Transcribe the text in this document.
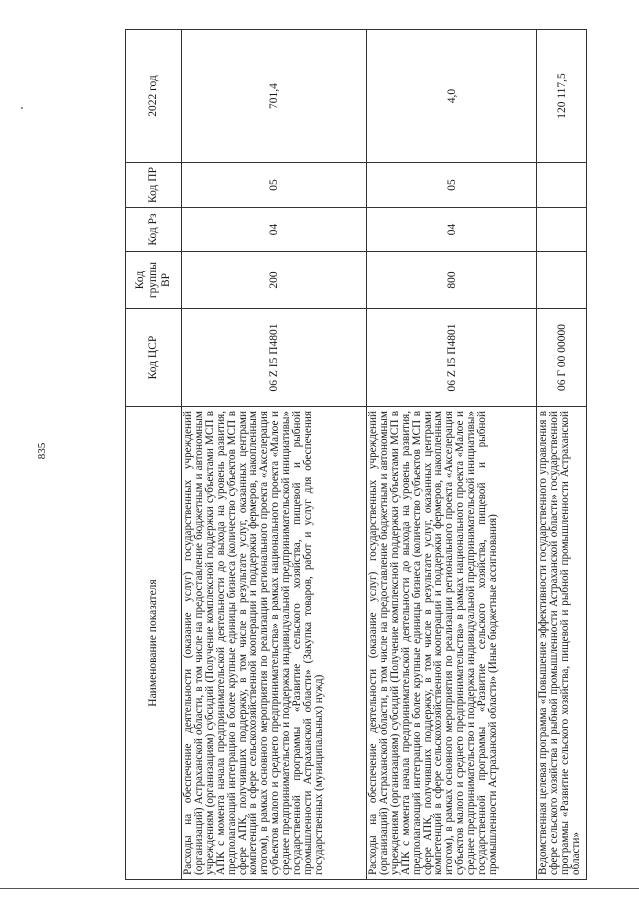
835
Наименование показателя	Код ЦСР	Код группы ВР	Код Рз	Код ПР	2022 год
Расходы на обеспечение деятельности (оказание услуг) государственных учреждений (организаций) Астраханской области, в том числе на предоставление бюджетным и автономным учреждениям (организациям) субсидий (Получение комплексной поддержки субъектами МСП в АПК с момента начала предпринимательской деятельности до выхода на уровень развития, предполагающий интеграцию в более крупные единицы бизнеса (количество субъектов МСП в сфере АПК, получивших поддержку, в том числе в результате услуг, оказанных центрами компетенций в сфере сельскохозяйственной кооперации и поддержки фермеров, накопленным итогом), в рамках основного мероприятия по реализации регионального проекта «Акселерация субъектов малого и среднего предпринимательства» в рамках национального проекта «Малое и среднее предпринимательство и поддержка индивидуальной предпринимательской инициативы» государственной программы «Развитие сельского хозяйства, пищевой и рыбной промышленности Астраханской области» (Закупка товаров, работ и услуг для обеспечения государственных (муниципальных) нужд)	06 Z I5 П4801	200	04	05	701,4
Расходы на обеспечение деятельности (оказание услуг) государственных учреждений (организаций) Астраханской области, в том числе на предоставление бюджетным и автономным учреждениям (организациям) субсидий (Получение комплексной поддержки субъектами МСП в АПК с момента начала предпринимательской деятельности до выхода на уровень развития, предполагающий интеграцию в более крупные единицы бизнеса (количество субъектов МСП в сфере АПК, получивших поддержку, в том числе в результате услуг, оказанных центрами компетенций в сфере сельскохозяйственной кооперации и поддержки фермеров, накопленным итогом), в рамках основного мероприятия по реализации регионального проекта «Акселерация субъектов малого и среднего предпринимательства» в рамках национального проекта «Малое и среднее предпринимательство и поддержка индивидуальной предпринимательской инициативы» государственной программы «Развитие сельского хозяйства, пищевой и рыбной промышленности Астраханской области» (Иные бюджетные ассигнования)	06 Z I5 П4801	800	04	05	4,0
Ведомственная целевая программа «Повышение эффективности государственного управления в сфере сельского хозяйства и рыбной промышленности Астраханской области» государственной программы «Развитие сельского хозяйства, пищевой и рыбной промышленности Астраханской области»	06 Г 00 00000				120 117,5
